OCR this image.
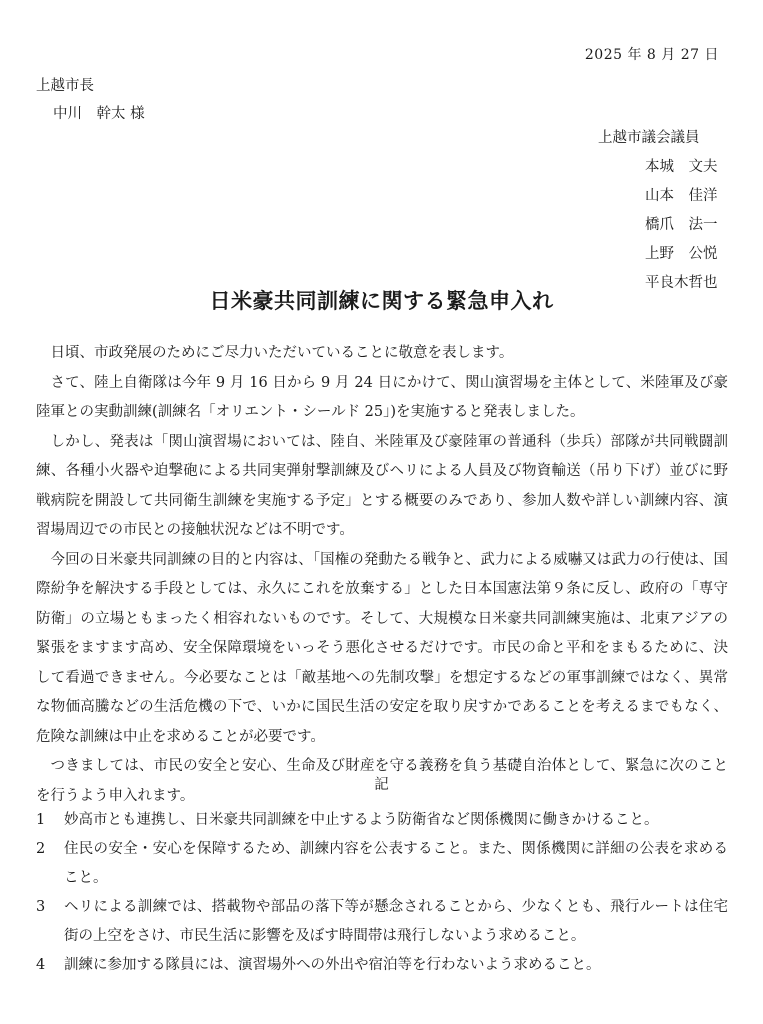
2025 年 8 月 27 日
上越市長
中川　幹太 様
上越市議会議員
本城　文夫
山本　佳洋
橋爪　法一
上野　公悦
平良木哲也
日米豪共同訓練に関する緊急申入れ

日頃、市政発展のためにご尽力いただいていることに敬意を表します。

さて、陸上自衛隊は今年 9 月 16 日から 9 月 24 日にかけて、関山演習場を主体として、米陸軍及び豪陸軍との実動訓練(訓練名「オリエント・シールド 25」)を実施すると発表しました。

しかし、発表は「関山演習場においては、陸自、米陸軍及び豪陸軍の普通科（歩兵）部隊が共同戦闘訓練、各種小火器や迫撃砲による共同実弾射撃訓練及びヘリによる人員及び物資輸送（吊り下げ）並びに野戦病院を開設して共同衛生訓練を実施する予定」とする概要のみであり、参加人数や詳しい訓練内容、演習場周辺での市民との接触状況などは不明です。

今回の日米豪共同訓練の目的と内容は、「国権の発動たる戦争と、武力による威嚇又は武力の行使は、国際紛争を解決する手段としては、永久にこれを放棄する」とした日本国憲法第９条に反し、政府の「専守防衛」の立場ともまったく相容れないものです。そして、大規模な日米豪共同訓練実施は、北東アジアの緊張をますます高め、安全保障環境をいっそう悪化させるだけです。市民の命と平和をまもるために、決して看過できません。今必要なことは「敵基地への先制攻撃」を想定するなどの軍事訓練ではなく、異常な物価高騰などの生活危機の下で、いかに国民生活の安定を取り戻すかであることを考えるまでもなく、危険な訓練は中止を求めることが必要です。

つきましては、市民の安全と安心、生命及び財産を守る義務を負う基礎自治体として、緊急に次のことを行うよう申入れます。

記
1	妙高市とも連携し、日米豪共同訓練を中止するよう防衛省など関係機関に働きかけること。
2	住民の安全・安心を保障するため、訓練内容を公表すること。また、関係機関に詳細の公表を求めること。
3	ヘリによる訓練では、搭載物や部品の落下等が懸念されることから、少なくとも、飛行ルートは住宅街の上空をさけ、市民生活に影響を及ぼす時間帯は飛行しないよう求めること。
4	訓練に参加する隊員には、演習場外への外出や宿泊等を行わないよう求めること。
